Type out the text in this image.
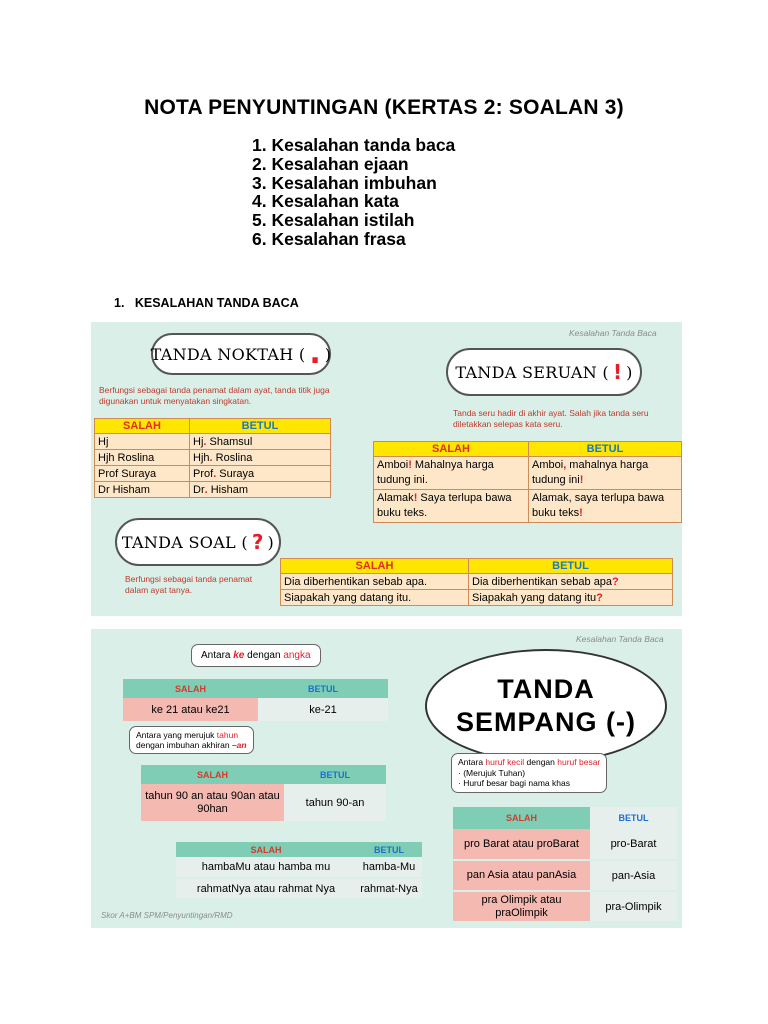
NOTA PENYUNTINGAN (KERTAS 2: SOALAN 3)
1. Kesalahan tanda baca
2. Kesalahan ejaan
3. Kesalahan imbuhan
4. Kesalahan kata
5. Kesalahan istilah
6. Kesalahan frasa
1.   KESALAHAN TANDA BACA
Kesalahan Tanda Baca
TANDA NOKTAH ( . )
Berfungsi sebagai tanda penamat dalam ayat, tanda titik juga digunakan untuk menyatakan singkatan.
SALAH	BETUL
Hj	Hj. Shamsul
Hjh Roslina	Hjh. Roslina
Prof Suraya	Prof. Suraya
Dr Hisham	Dr. Hisham
TANDA SERUAN ( ! )
Tanda seru hadir di akhir ayat. Salah jika tanda seru diletakkan selepas kata seru.
SALAH	BETUL
Amboi! Mahalnya harga tudung ini.	Amboi, mahalnya harga tudung ini!
Alamak! Saya terlupa bawa buku teks.	Alamak, saya terlupa bawa buku teks!
TANDA SOAL ( ? )
Berfungsi sebagai tanda penamat dalam ayat tanya.
SALAH	BETUL
Dia diberhentikan sebab apa.	Dia diberhentikan sebab apa?
Siapakah yang datang itu.	Siapakah yang datang itu?
Kesalahan Tanda Baca
Antara ke dengan angka
SALAH	BETUL
ke 21 atau ke21	ke-21
Antara yang merujuk tahun
dengan imbuhan akhiran –an
SALAH	BETUL
tahun 90 an atau 90an atau 90han	tahun 90-an
SALAH	BETUL
hambaMu atau hamba mu	hamba-Mu
rahmatNya atau rahmat Nya	rahmat-Nya
Skor A+BM SPM/Penyuntingan/RMD
TANDA
SEMPANG (-)
Antara huruf kecil dengan huruf besar
· (Merujuk Tuhan)
· Huruf besar bagi nama khas
SALAH	BETUL
pro Barat atau proBarat	pro-Barat
pan Asia atau panAsia	pan-Asia
pra Olimpik atau praOlimpik	pra-Olimpik
